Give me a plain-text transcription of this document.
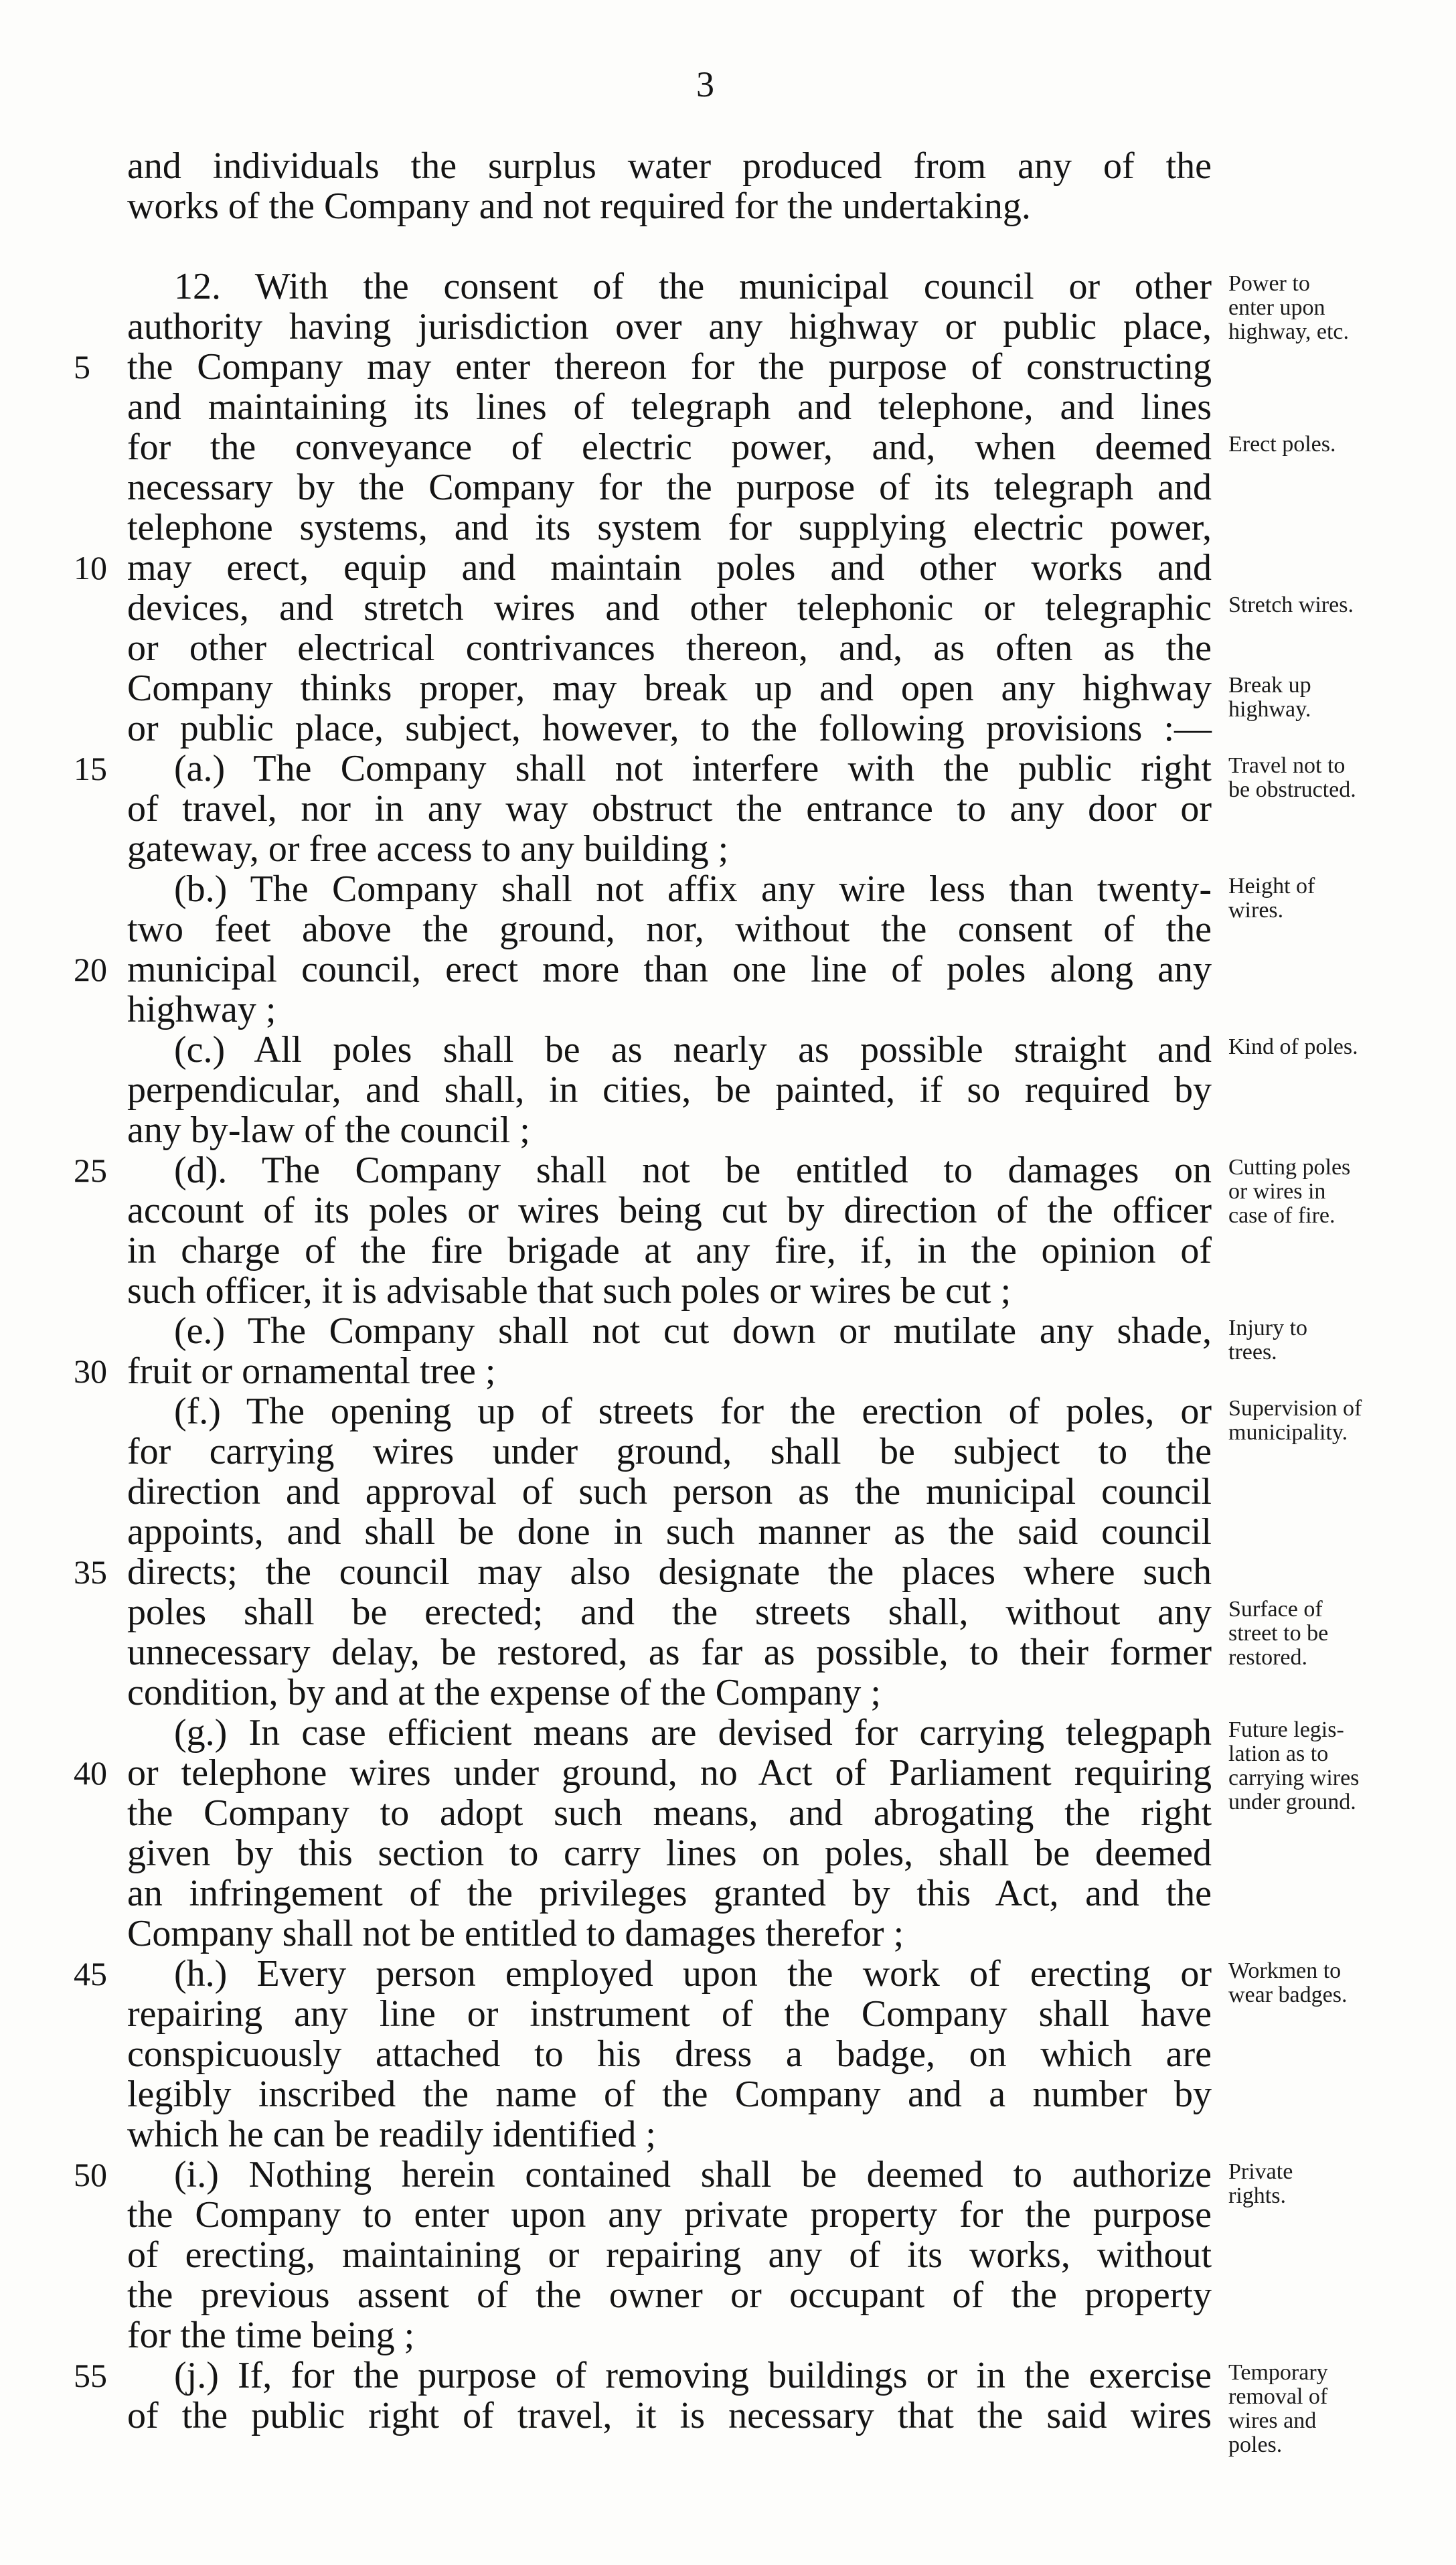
3
and individuals the surplus water produced from any of the
works of the Company and not required for the undertaking.
12. With the consent of the municipal council or other
authority having jurisdiction over any highway or public place,
the Company may enter thereon for the purpose of constructing
and maintaining its lines of telegraph and telephone, and lines
for the conveyance of electric power, and, when deemed
necessary by the Company for the purpose of its telegraph and
telephone systems, and its system for supplying electric power,
may erect, equip and maintain poles and other works and
devices, and stretch wires and other telephonic or telegraphic
or other electrical contrivances thereon, and, as often as the
Company thinks proper, may break up and open any highway
or public place, subject, however, to the following provisions :—
(a.) The Company shall not interfere with the public right
of travel, nor in any way obstruct the entrance to any door or
gateway, or free access to any building ;
(b.) The Company shall not affix any wire less than twenty-
two feet above the ground, nor, without the consent of the
municipal council, erect more than one line of poles along any
highway ;
(c.) All poles shall be as nearly as possible straight and
perpendicular, and shall, in cities, be painted, if so required by
any by-law of the council ;
(d). The Company shall not be entitled to damages on
account of its poles or wires being cut by direction of the officer
in charge of the fire brigade at any fire, if, in the opinion of
such officer, it is advisable that such poles or wires be cut ;
(e.) The Company shall not cut down or mutilate any shade,
fruit or ornamental tree ;
(f.) The opening up of streets for the erection of poles, or
for carrying wires under ground, shall be subject to the
direction and approval of such person as the municipal council
appoints, and shall be done in such manner as the said council
directs; the council may also designate the places where such
poles shall be erected; and the streets shall, without any
unnecessary delay, be restored, as far as possible, to their former
condition, by and at the expense of the Company ;
(g.) In case efficient means are devised for carrying telegpaph
or telephone wires under ground, no Act of Parliament requiring
the Company to adopt such means, and abrogating the right
given by this section to carry lines on poles, shall be deemed
an infringement of the privileges granted by this Act, and the
Company shall not be entitled to damages therefor ;
(h.) Every person employed upon the work of erecting or
repairing any line or instrument of the Company shall have
conspicuously attached to his dress a badge, on which are
legibly inscribed the name of the Company and a number by
which he can be readily identified ;
(i.) Nothing herein contained shall be deemed to authorize
the Company to enter upon any private property for the purpose
of erecting, maintaining or repairing any of its works, without
the previous assent of the owner or occupant of the property
for the time being ;
(j.) If, for the purpose of removing buildings or in the exercise
of the public right of travel, it is necessary that the said wires
5
10
15
20
25
30
35
40
45
50
55
Power to
enter upon
highway, etc.
Erect poles.
Stretch wires.
Break up
highway.
Travel not to
be obstructed.
Height of
wires.
Kind of poles.
Cutting poles
or wires in
case of fire.
Injury to
trees.
Supervision of
municipality.
Surface of
street to be
restored.
Future legis-
lation as to
carrying wires
under ground.
Workmen to
wear badges.
Private
rights.
Temporary
removal of
wires and
poles.
